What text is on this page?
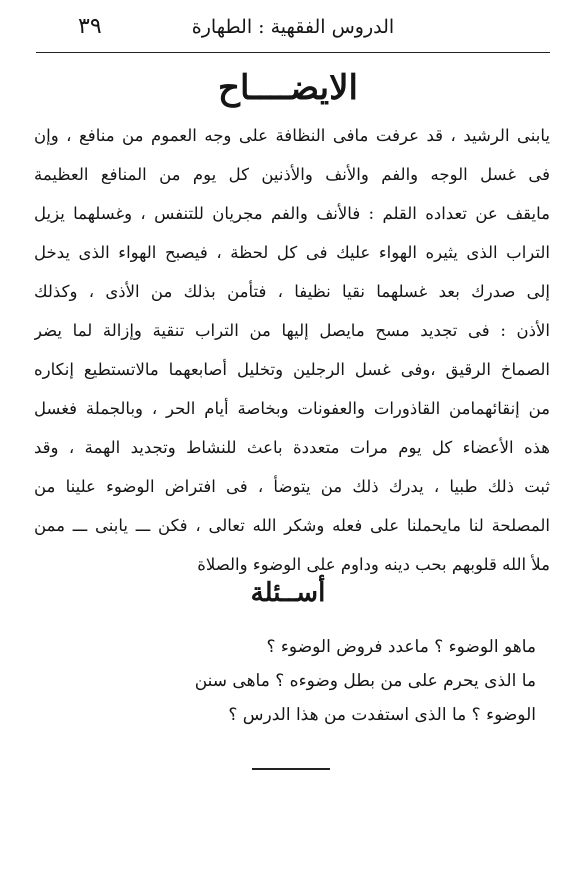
٣٩	الدروس الفقهية : الطهارة
الايضــــاح
يابنى الرشيد ، قد عرفت مافى النظافة على وجه العموم من منافع ، وإن
فى غسل الوجه والفم والأنف والأذنين كل يوم من المنافع العظيمة
مايقف عن تعداده القلم : فالأنف والفم مجريان للتنفس ، وغسلهما يزيل
التراب الذى يثيره الهواء عليك فى كل لحظة ، فيصبح الهواء الذى يدخل
إلى صدرك بعد غسلهما نقيا نظيفا ، فتأمن بذلك من الأذى ، وكذلك
الأذن : فى تجديد مسح مايصل إليها من التراب تنقية وإزالة لما يضر
الصماخ الرقيق ،وفى غسل الرجلين وتخليل أصابعهما مالاتستطيع إنكاره
من إنقائهمامن القاذورات والعفونات وبخاصة أيام الحر ، وبالجملة فغسل
هذه الأعضاء كل يوم مرات متعددة باعث للنشاط وتجديد الهمة ، وقد
ثبت ذلك طبيا ، يدرك ذلك من يتوضأ ، فى افتراض الوضوء علينا من
المصلحة لنا مايحملنا على فعله وشكر الله تعالى ، فكن ـــ يابنى ـــ ممن
ملأ الله قلوبهم بحب دينه وداوم على الوضوء والصلاة
أســئلة
ماهو الوضوء ؟ ماعدد فروض الوضوء ؟
ما الذى يحرم على من بطل وضوءه ؟ ماهى سنن
الوضوء ؟ ما الذى استفدت من هذا الدرس ؟
